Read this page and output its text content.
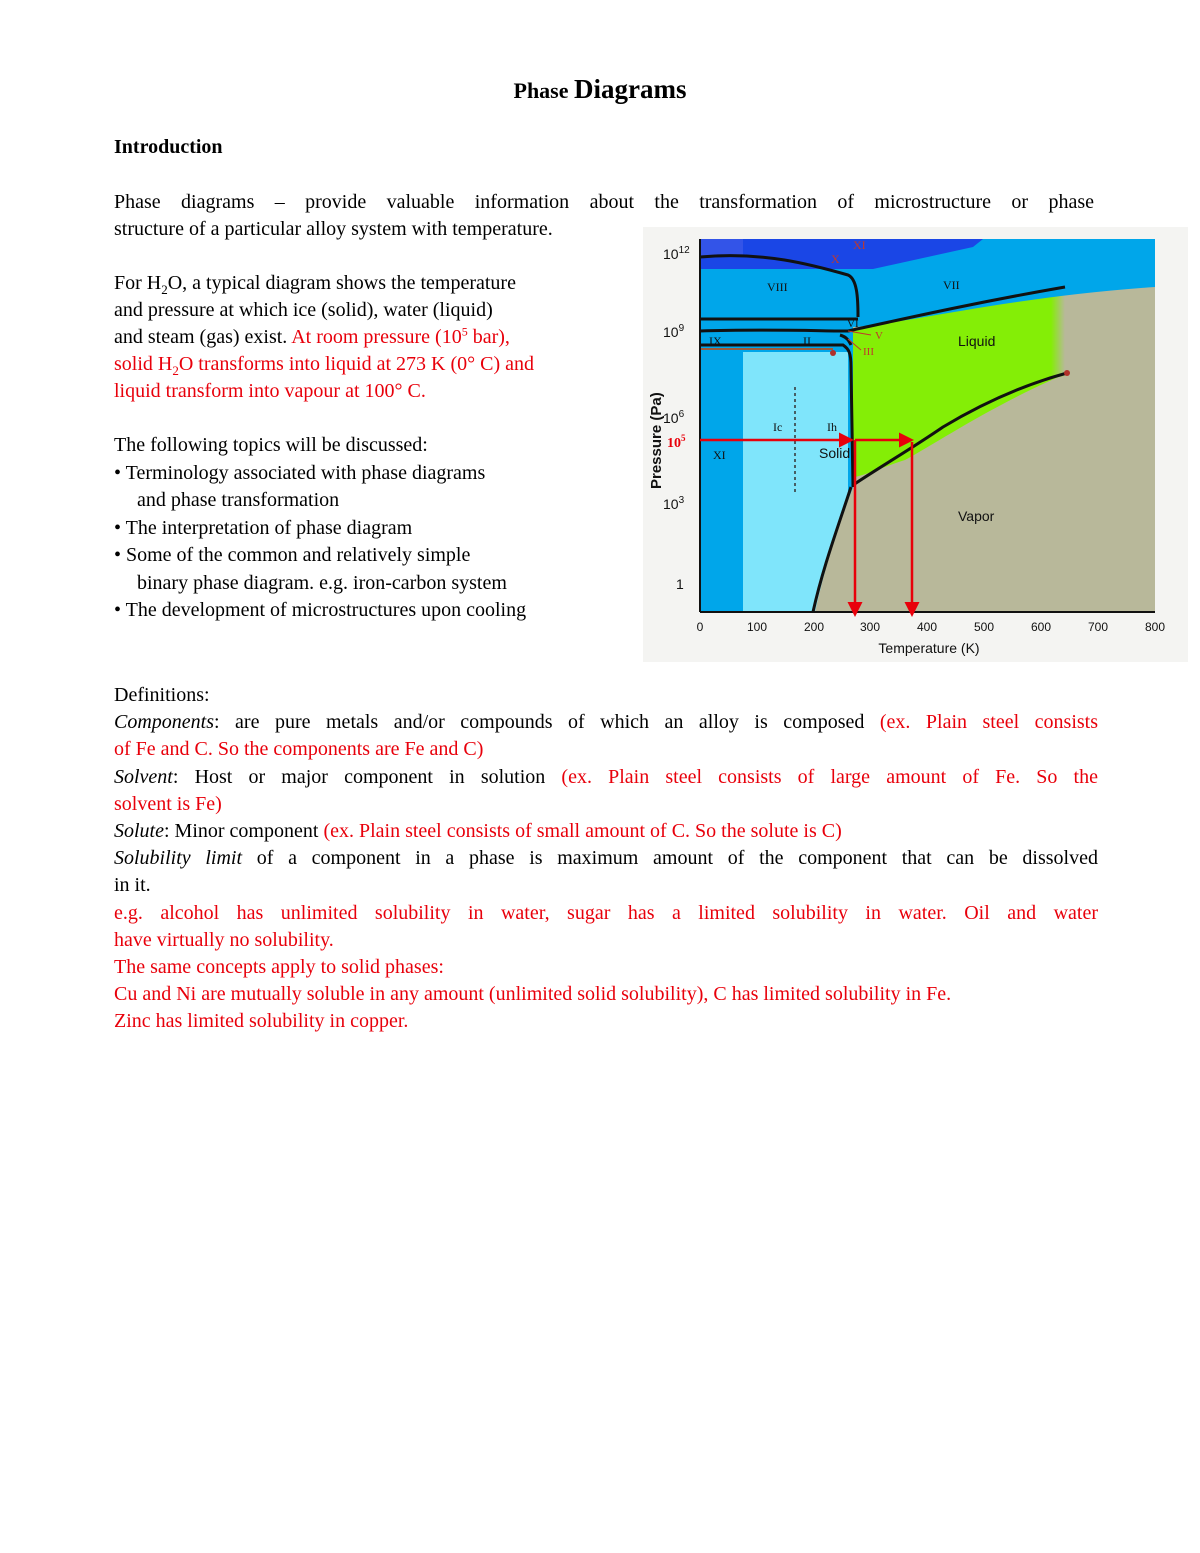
Phase Diagrams
Introduction
Phase diagrams – provide valuable information about the transformation of microstructure or phase
structure of a particular alloy system with temperature.
For $H_2O$, a typical diagram shows the temperature
and pressure at which ice (solid), water (liquid)
and steam (gas) exist. At room pressure ($10^5$ bar),
solid $H_2O$ transforms into liquid at 273 K (0° C) and
liquid transform into vapour at 100° C.
The following topics will be discussed:
• Terminology associated with phase diagrams
and phase transformation
• The interpretation of phase diagram
• Some of the common and relatively simple
binary phase diagram. e.g. iron-carbon system
• The development of microstructures upon cooling
Liquid
Solid
Vapor
XI
X
VIII	VII
VI
V
IX	II
III
Ic	Ih
XI
$10^5$
$10^{12}$
$10^9$
$10^6$
$10^3$
1
Pressure (Pa)
0	100	200	300	400	500	600	700	800
Temperature (K)

Definitions:

Components: are pure metals and/or compounds of which an alloy is composed (ex. Plain steel consists
of Fe and C. So the components are Fe and C)

Solvent: Host or major component in solution (ex. Plain steel consists of large amount of Fe. So the
solvent is Fe)

Solute: Minor component (ex. Plain steel consists of small amount of C. So the solute is C)

Solubility limit of a component in a phase is maximum amount of the component that can be dissolved
in it.

e.g. alcohol has unlimited solubility in water, sugar has a limited solubility in water. Oil and water
have virtually no solubility.

The same concepts apply to solid phases:

Cu and Ni are mutually soluble in any amount (unlimited solid solubility), C has limited solubility in Fe.

Zinc has limited solubility in copper.
